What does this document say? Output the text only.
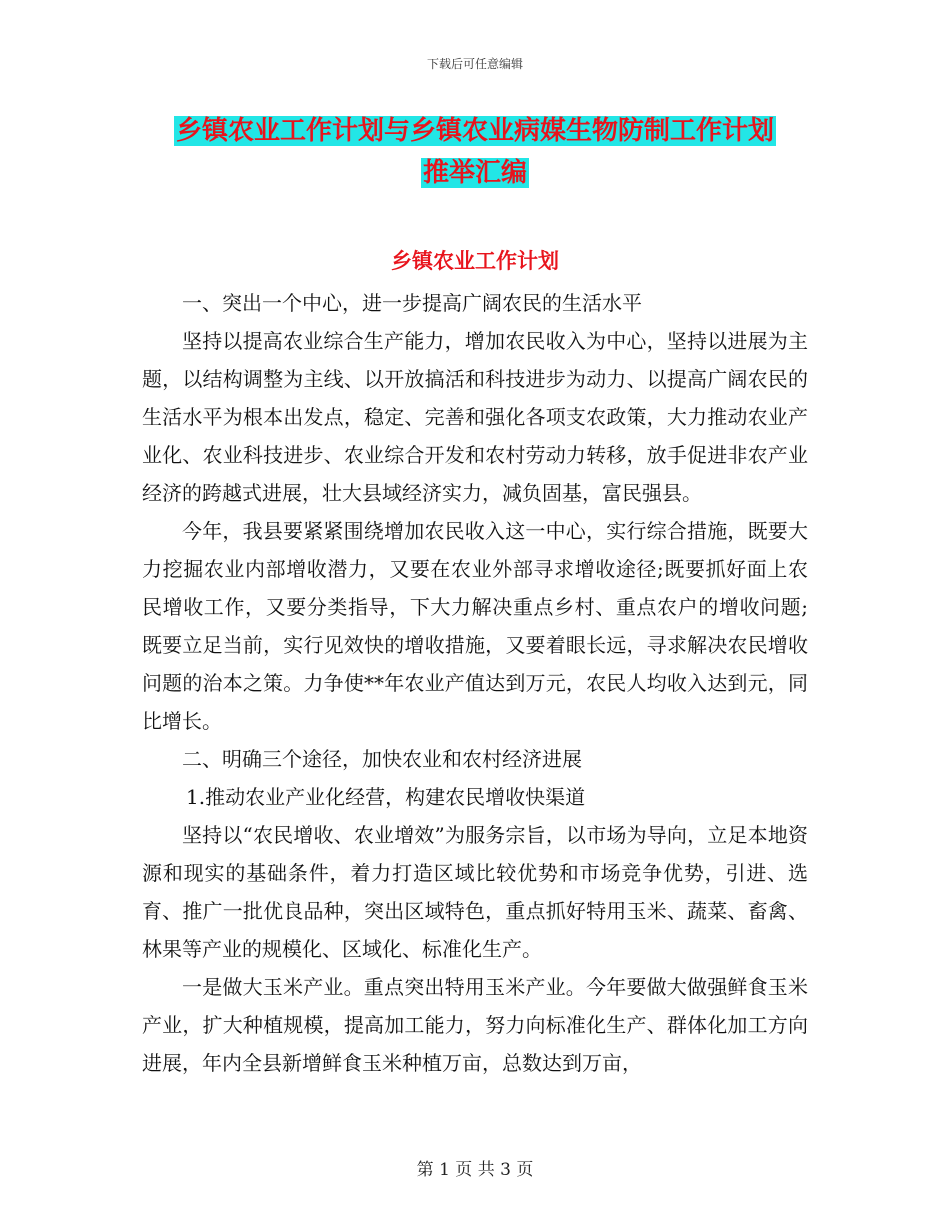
下载后可任意编辑
乡镇农业工作计划与乡镇农业病媒生物防制工作计划
推举汇编
乡镇农业工作计划

一、突出一个中心，进一步提高广阔农民的生活水平

坚持以提高农业综合生产能力，增加农民收入为中心，坚持以进展为主题，以结构调整为主线、以开放搞活和科技进步为动力、以提高广阔农民的生活水平为根本出发点，稳定、完善和强化各项支农政策，大力推动农业产业化、农业科技进步、农业综合开发和农村劳动力转移，放手促进非农产业经济的跨越式进展，壮大县域经济实力，减负固基，富民强县。

今年，我县要紧紧围绕增加农民收入这一中心，实行综合措施，既要大力挖掘农业内部增收潜力，又要在农业外部寻求增收途径;既要抓好面上农民增收工作，又要分类指导，下大力解决重点乡村、重点农户的增收问题;既要立足当前，实行见效快的增收措施，又要着眼长远，寻求解决农民增收问题的治本之策。力争使**年农业产值达到万元，农民人均收入达到元，同比增长。

二、明确三个途径，加快农业和农村经济进展

1.推动农业产业化经营，构建农民增收快渠道

坚持以“农民增收、农业增效”为服务宗旨，以市场为导向，立足本地资源和现实的基础条件，着力打造区域比较优势和市场竞争优势，引进、选育、推广一批优良品种，突出区域特色，重点抓好特用玉米、蔬菜、畜禽、林果等产业的规模化、区域化、标准化生产。

一是做大玉米产业。重点突出特用玉米产业。今年要做大做强鲜食玉米产业，扩大种植规模，提高加工能力，努力向标准化生产、群体化加工方向进展，年内全县新增鲜食玉米种植万亩，总数达到万亩，

第 1 页 共 3 页
